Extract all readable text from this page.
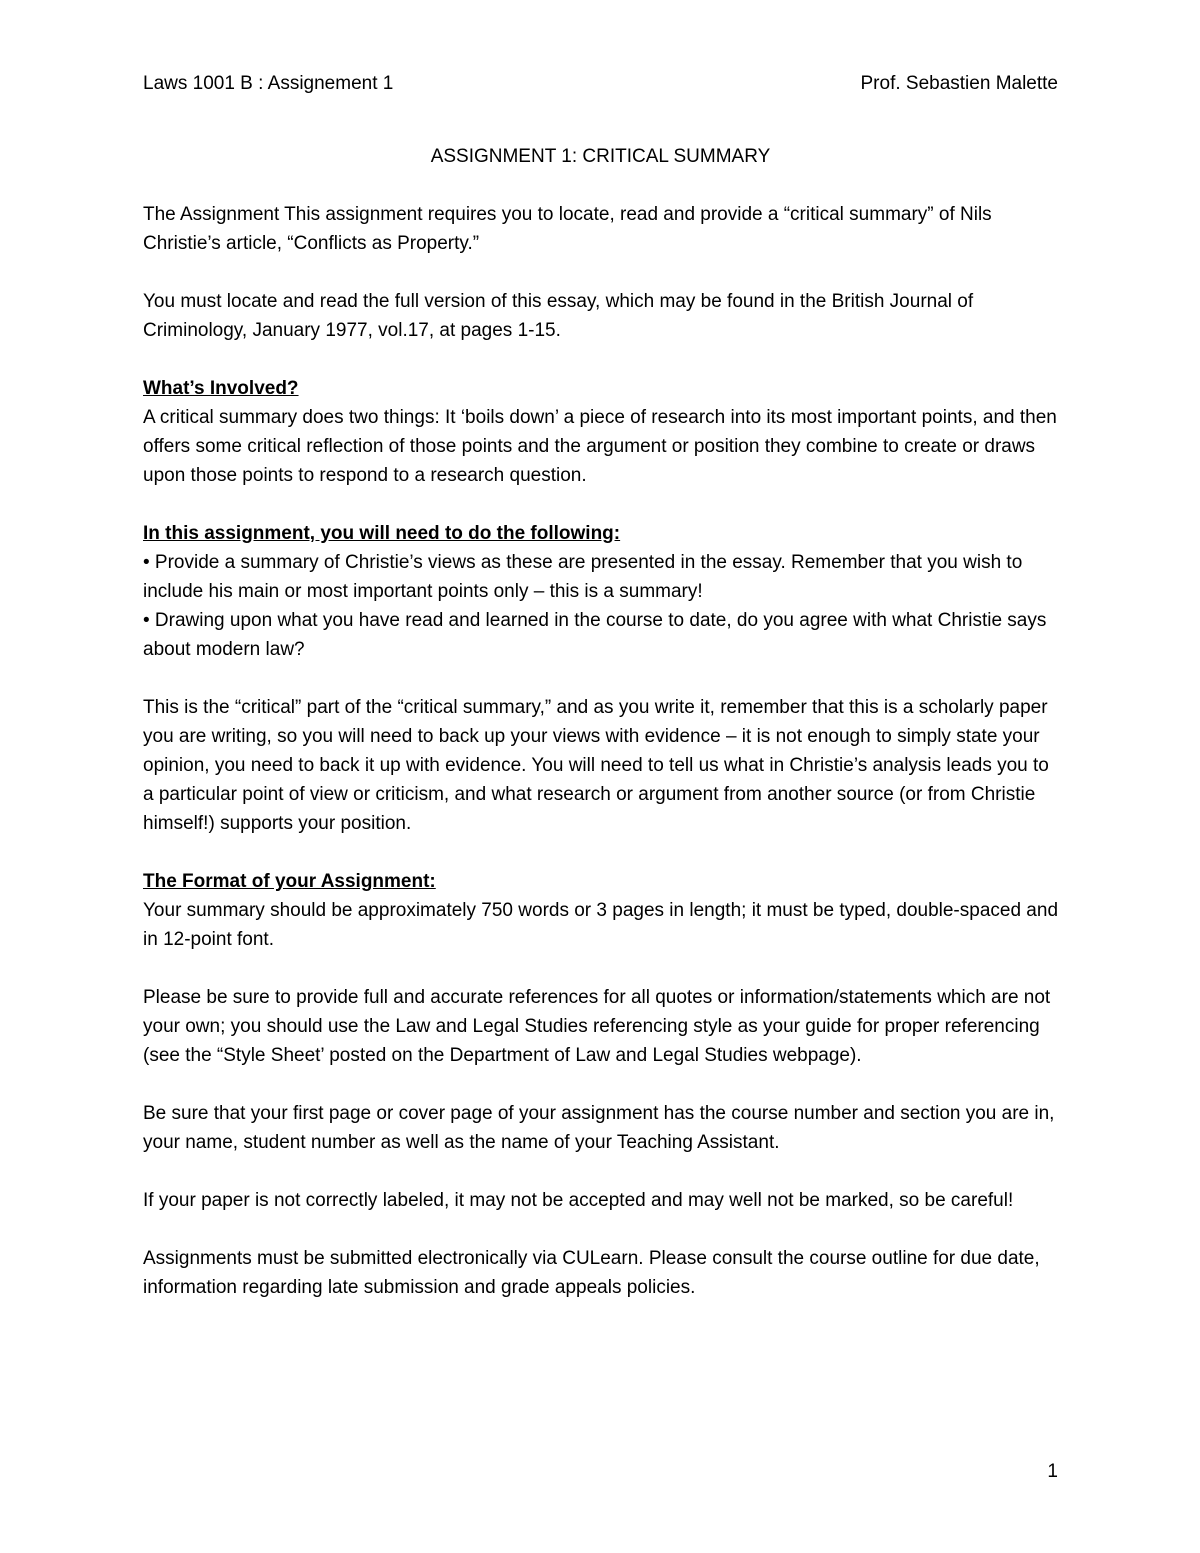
Laws 1001 B : Assignement 1	Prof. Sebastien Malette

ASSIGNMENT 1: CRITICAL SUMMARY

The Assignment This assignment requires you to locate, read and provide a “critical summary” of Nils Christie’s article, “Conflicts as Property.”

You must locate and read the full version of this essay, which may be found in the British Journal of Criminology, January 1977, vol.17, at pages 1-15.

What’s Involved?
A critical summary does two things: It ‘boils down’ a piece of research into its most important points, and then offers some critical reflection of those points and the argument or position they combine to create or draws upon those points to respond to a research question.

In this assignment, you will need to do the following:
• Provide a summary of Christie’s views as these are presented in the essay. Remember that you wish to include his main or most important points only – this is a summary!
• Drawing upon what you have read and learned in the course to date, do you agree with what Christie says about modern law?

This is the “critical” part of the “critical summary,” and as you write it, remember that this is a scholarly paper you are writing, so you will need to back up your views with evidence – it is not enough to simply state your opinion, you need to back it up with evidence. You will need to tell us what in Christie’s analysis leads you to a particular point of view or criticism, and what research or argument from another source (or from Christie himself!) supports your position.

The Format of your Assignment:
Your summary should be approximately 750 words or 3 pages in length; it must be typed, double-spaced and in 12-point font.

Please be sure to provide full and accurate references for all quotes or information/statements which are not your own; you should use the Law and Legal Studies referencing style as your guide for proper referencing (see the “Style Sheet’ posted on the Department of Law and Legal Studies webpage).

Be sure that your first page or cover page of your assignment has the course number and section you are in, your name, student number as well as the name of your Teaching Assistant.

If your paper is not correctly labeled, it may not be accepted and may well not be marked, so be careful!

Assignments must be submitted electronically via CULearn. Please consult the course outline for due date, information regarding late submission and grade appeals policies.

1
